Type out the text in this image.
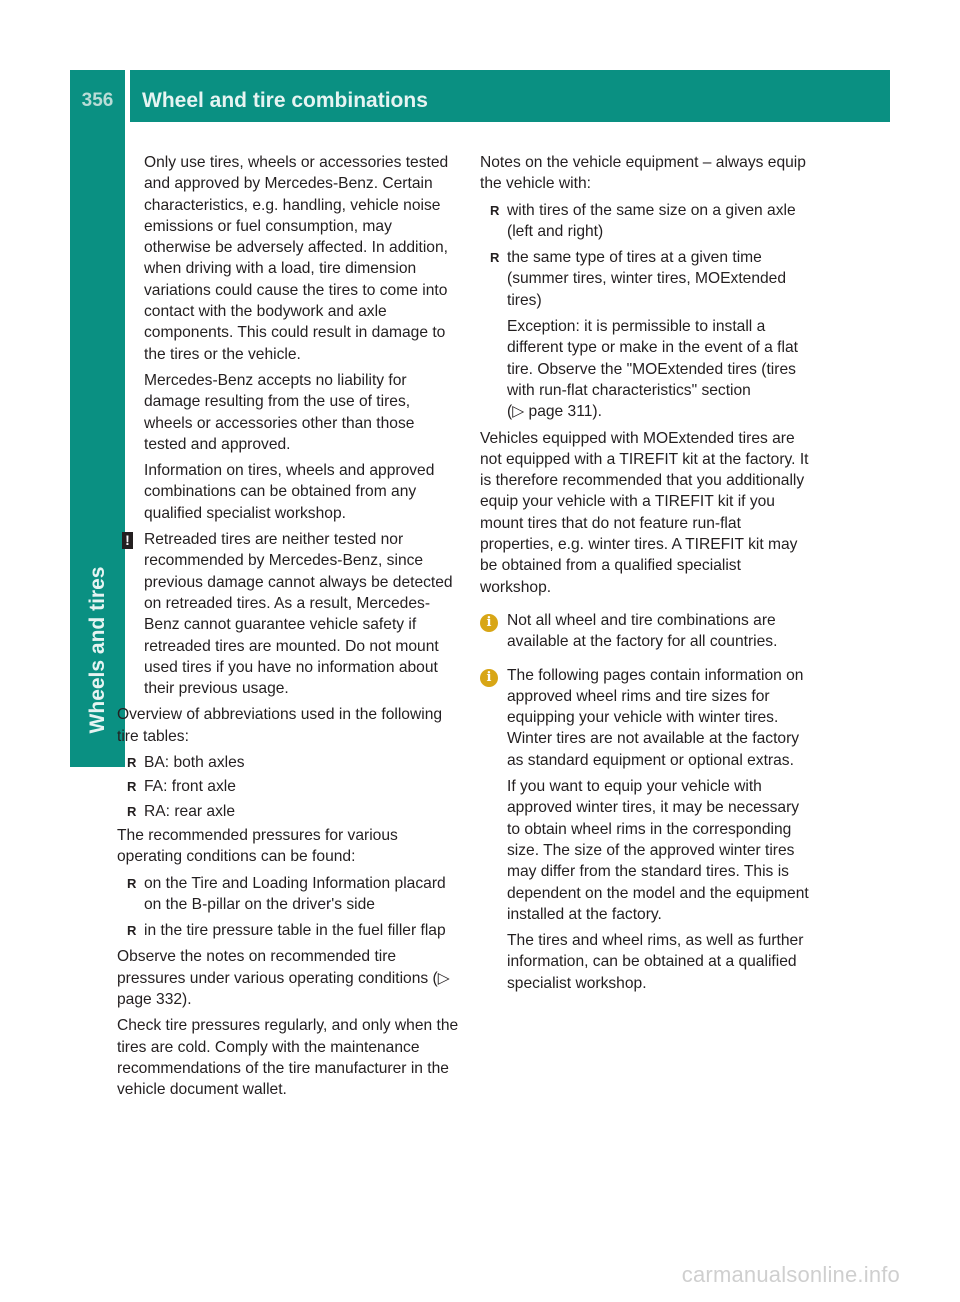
356	Wheel and tire combinations
Wheels and tires

Only use tires, wheels or accessories tested and approved by Mercedes-Benz. Certain characteristics, e.g. handling, vehicle noise emissions or fuel consumption, may otherwise be adversely affected. In addition, when driving with a load, tire dimension variations could cause the tires to come into contact with the bodywork and axle components. This could result in damage to the tires or the vehicle.

Mercedes-Benz accepts no liability for damage resulting from the use of tires, wheels or accessories other than those tested and approved.

Information on tires, wheels and approved combinations can be obtained from any qualified specialist workshop.

! Retreaded tires are neither tested nor recommended by Mercedes-Benz, since previous damage cannot always be detected on retreaded tires. As a result, Mercedes-Benz cannot guarantee vehicle safety if retreaded tires are mounted. Do not mount used tires if you have no information about their previous usage.

Overview of abbreviations used in the following tire tables:

R BA: both axles
R FA: front axle
R RA: rear axle

The recommended pressures for various operating conditions can be found:

R on the Tire and Loading Information placard on the B-pillar on the driver's side
R in the tire pressure table in the fuel filler flap

Observe the notes on recommended tire pressures under various operating conditions (▷ page 332).

Check tire pressures regularly, and only when the tires are cold. Comply with the maintenance recommendations of the tire manufacturer in the vehicle document wallet.

Notes on the vehicle equipment – always equip the vehicle with:

R with tires of the same size on a given axle (left and right)
R the same type of tires at a given time (summer tires, winter tires, MOExtended tires)

Exception: it is permissible to install a different type or make in the event of a flat tire. Observe the "MOExtended tires (tires with run-flat characteristics" section
(▷ page 311).

Vehicles equipped with MOExtended tires are not equipped with a TIREFIT kit at the factory. It is therefore recommended that you additionally equip your vehicle with a TIREFIT kit if you mount tires that do not feature run-flat properties, e.g. winter tires. A TIREFIT kit may be obtained from a qualified specialist workshop.

i Not all wheel and tire combinations are available at the factory for all countries.
i The following pages contain information on approved wheel rims and tire sizes for equipping your vehicle with winter tires. Winter tires are not available at the factory as standard equipment or optional extras.

If you want to equip your vehicle with approved winter tires, it may be necessary to obtain wheel rims in the corresponding size. The size of the approved winter tires may differ from the standard tires. This is dependent on the model and the equipment installed at the factory.

The tires and wheel rims, as well as further information, can be obtained at a qualified specialist workshop.

carmanualsonline.info
